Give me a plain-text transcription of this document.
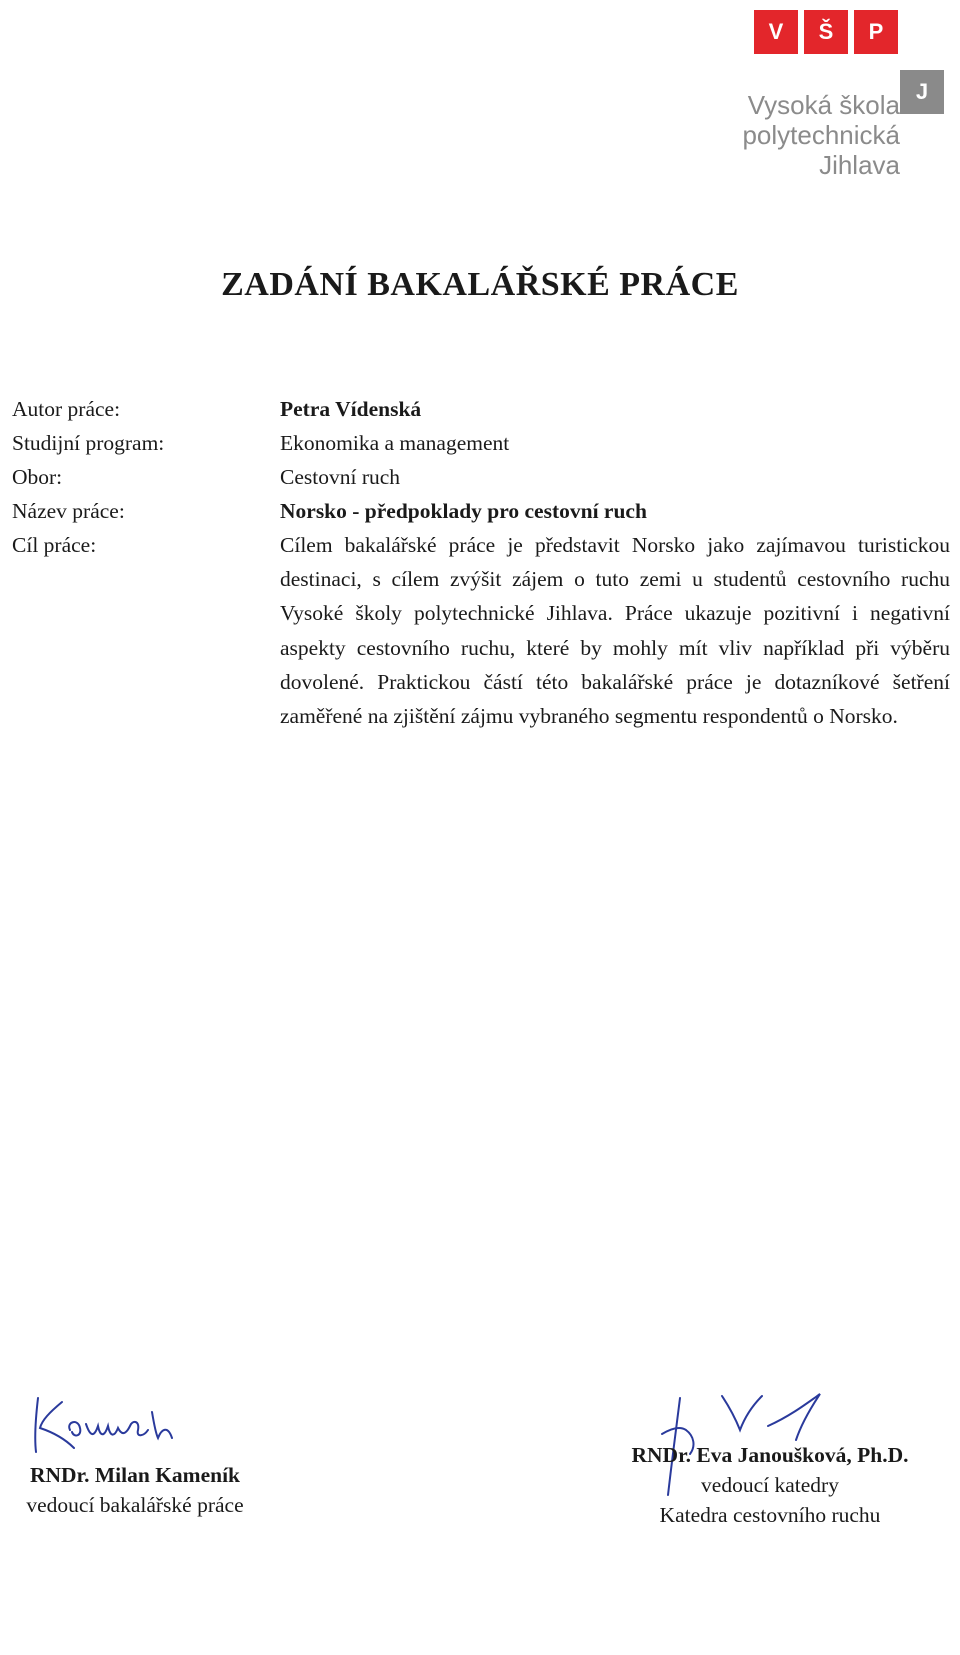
V	Š	P
J
Vysoká škola
polytechnická
Jihlava
ZADÁNÍ BAKALÁŘSKÉ PRÁCE
Autor práce:	Petra Vídenská
Studijní program:	Ekonomika a management
Obor:	Cestovní ruch
Název práce:	Norsko - předpoklady pro cestovní ruch
Cíl práce:	Cílem bakalářské práce je představit Norsko jako zajímavou turistickou destinaci, s cílem zvýšit zájem o tuto zemi u studentů cestovního ruchu Vysoké školy polytechnické Jihlava. Práce ukazuje pozitivní i negativní aspekty cestovního ruchu, které by mohly mít vliv například při výběru dovolené. Praktickou částí této bakalářské práce je dotazníkové šetření zaměřené na zjištění zájmu vybraného segmentu respondentů o Norsko.
RNDr. Milan Kameník
vedoucí bakalářské práce
RNDr. Eva Janoušková, Ph.D.
vedoucí katedry
Katedra cestovního ruchu
